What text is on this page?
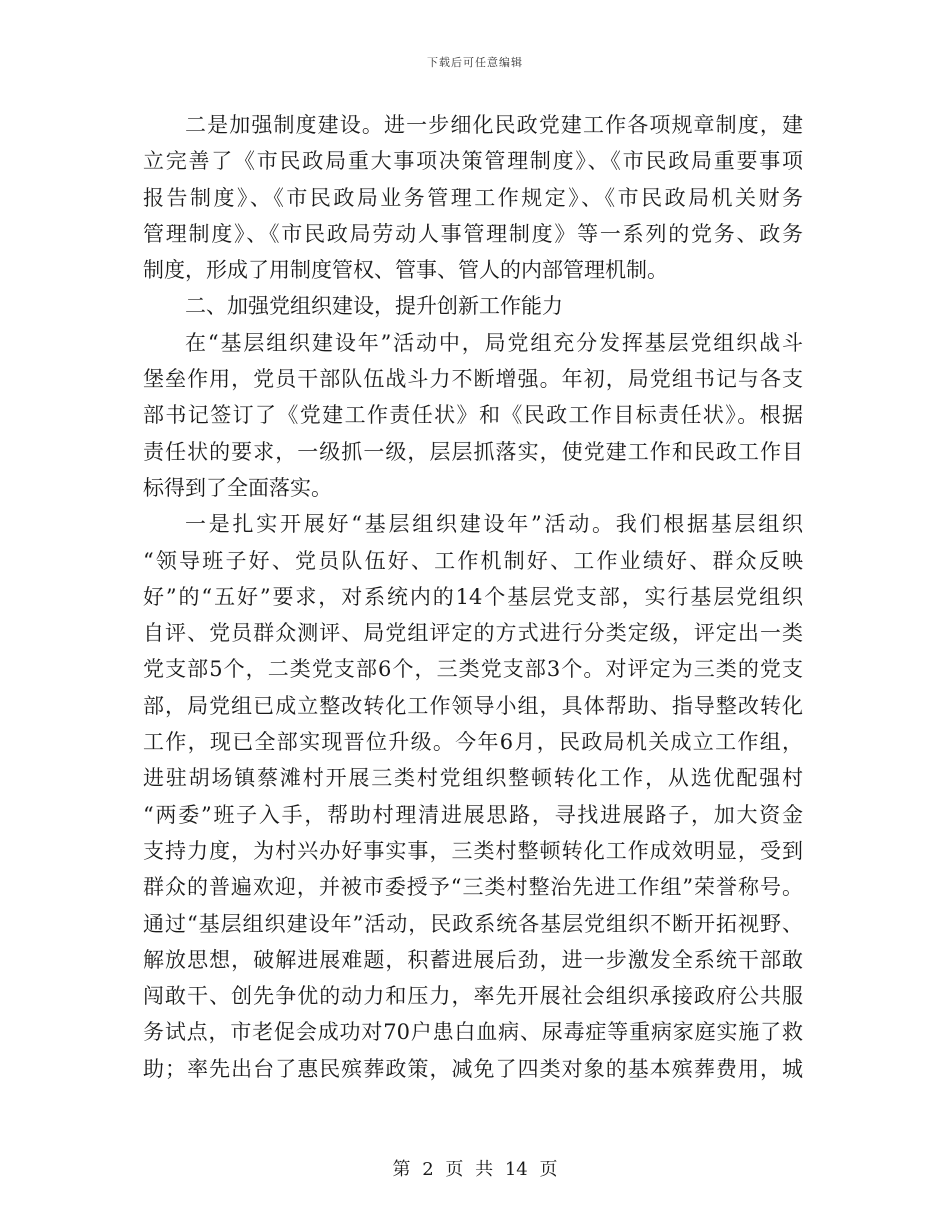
下载后可任意编辑
二是加强制度建设。进一步细化民政党建工作各项规章制度，建
立完善了《市民政局重大事项决策管理制度》、《市民政局重要事项
报告制度》、《市民政局业务管理工作规定》、《市民政局机关财务
管理制度》、《市民政局劳动人事管理制度》等一系列的党务、政务
制度，形成了用制度管权、管事、管人的内部管理机制。
二、加强党组织建设，提升创新工作能力
在“基层组织建设年”活动中，局党组充分发挥基层党组织战斗
堡垒作用，党员干部队伍战斗力不断增强。年初，局党组书记与各支
部书记签订了《党建工作责任状》和《民政工作目标责任状》。根据
责任状的要求，一级抓一级，层层抓落实，使党建工作和民政工作目
标得到了全面落实。
一是扎实开展好“基层组织建设年”活动。我们根据基层组织
“领导班子好、党员队伍好、工作机制好、工作业绩好、群众反映
好”的“五好”要求，对系统内的14个基层党支部，实行基层党组织
自评、党员群众测评、局党组评定的方式进行分类定级，评定出一类
党支部5个，二类党支部6个，三类党支部3个。对评定为三类的党支
部，局党组已成立整改转化工作领导小组，具体帮助、指导整改转化
工作，现已全部实现晋位升级。今年6月，民政局机关成立工作组，
进驻胡场镇蔡滩村开展三类村党组织整顿转化工作，从选优配强村
“两委”班子入手，帮助村理清进展思路，寻找进展路子，加大资金
支持力度，为村兴办好事实事，三类村整顿转化工作成效明显，受到
群众的普遍欢迎，并被市委授予“三类村整治先进工作组”荣誉称号。
通过“基层组织建设年”活动，民政系统各基层党组织不断开拓视野、
解放思想，破解进展难题，积蓄进展后劲，进一步激发全系统干部敢
闯敢干、创先争优的动力和压力，率先开展社会组织承接政府公共服
务试点，市老促会成功对70户患白血病、尿毒症等重病家庭实施了救
助；率先出台了惠民殡葬政策，减免了四类对象的基本殡葬费用，城
第 2 页 共 14 页
